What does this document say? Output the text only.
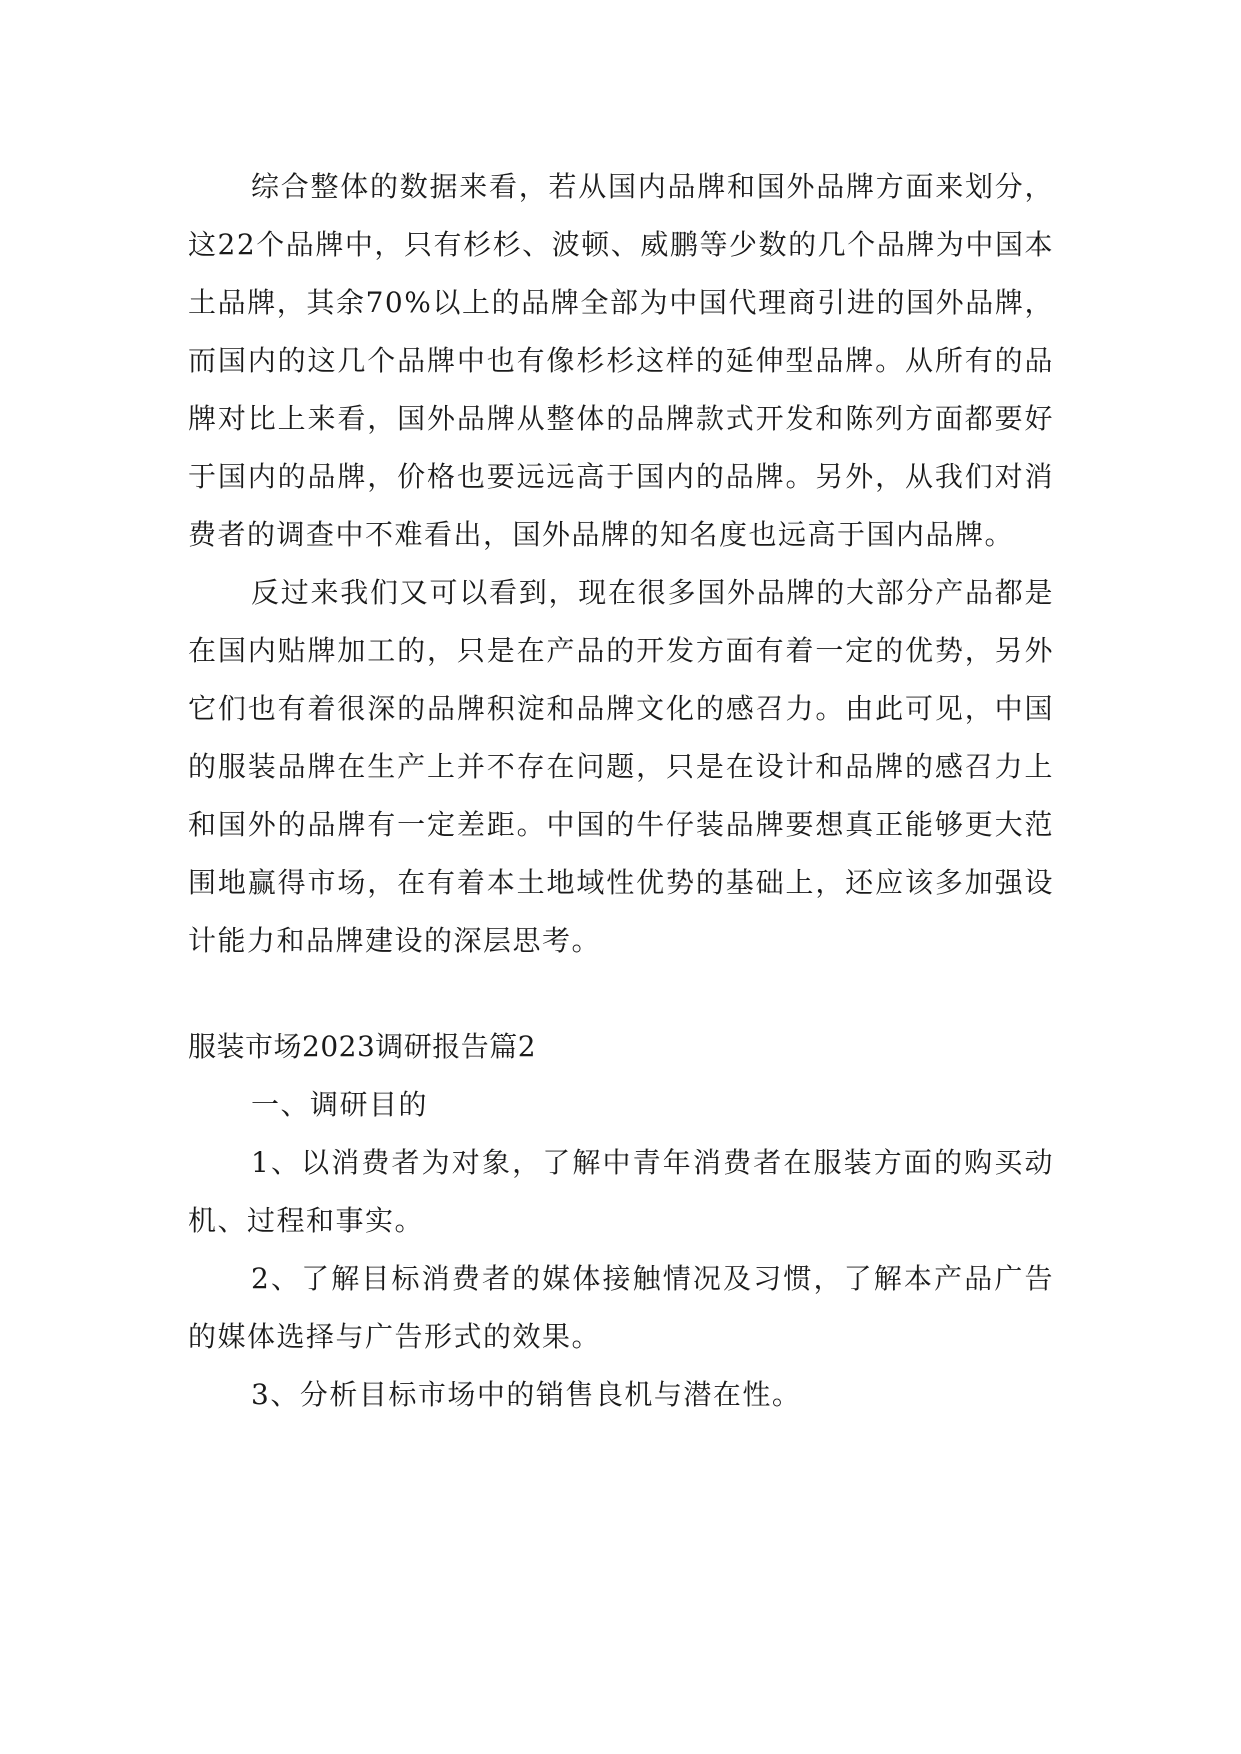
综合整体的数据来看，若从国内品牌和国外品牌方面来划分，这22个品牌中，只有杉杉、波顿、威鹏等少数的几个品牌为中国本土品牌，其余70%以上的品牌全部为中国代理商引进的国外品牌，而国内的这几个品牌中也有像杉杉这样的延伸型品牌。从所有的品牌对比上来看，国外品牌从整体的品牌款式开发和陈列方面都要好于国内的品牌，价格也要远远高于国内的品牌。另外，从我们对消费者的调查中不难看出，国外品牌的知名度也远高于国内品牌。

反过来我们又可以看到，现在很多国外品牌的大部分产品都是在国内贴牌加工的，只是在产品的开发方面有着一定的优势，另外它们也有着很深的品牌积淀和品牌文化的感召力。由此可见，中国的服装品牌在生产上并不存在问题，只是在设计和品牌的感召力上和国外的品牌有一定差距。中国的牛仔装品牌要想真正能够更大范围地赢得市场，在有着本土地域性优势的基础上，还应该多加强设计能力和品牌建设的深层思考。

服装市场2023调研报告篇2

一、调研目的

1、以消费者为对象，了解中青年消费者在服装方面的购买动机、过程和事实。

2、了解目标消费者的媒体接触情况及习惯，了解本产品广告的媒体选择与广告形式的效果。

3、分析目标市场中的销售良机与潜在性。
